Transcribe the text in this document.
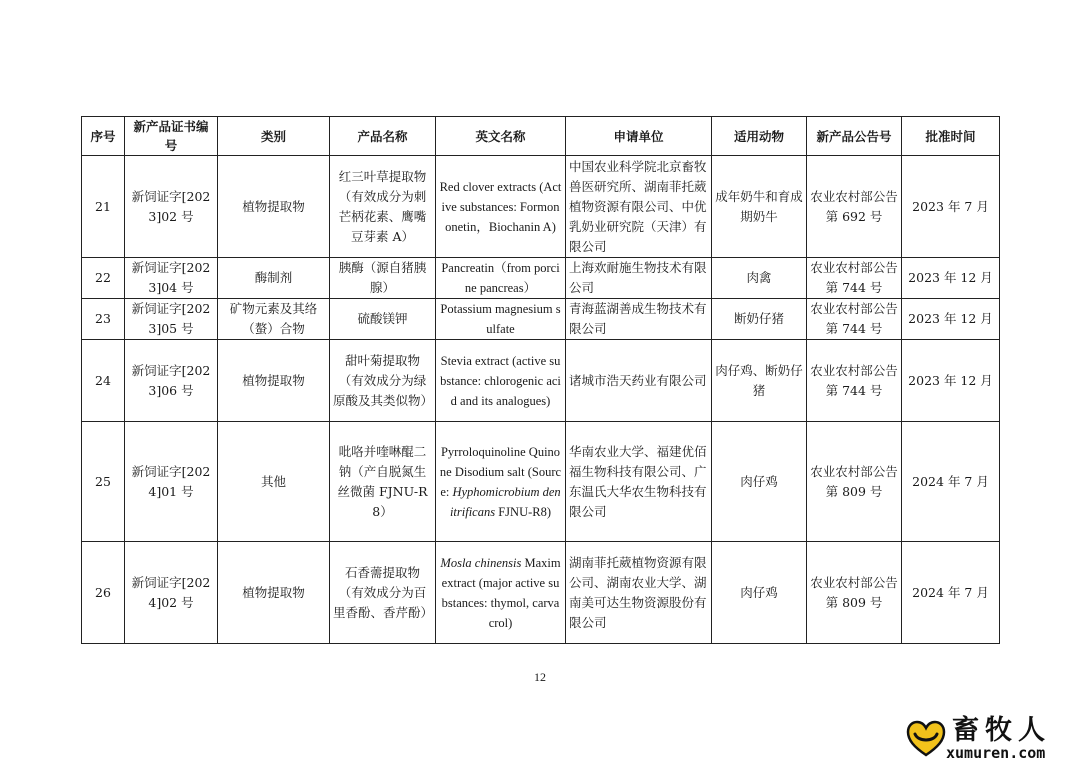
序号	新产品证书编号	类别	产品名称	英文名称	申请单位	适用动物	新产品公告号	批准时间
21	新饲证字[2023]02 号	植物提取物	红三叶草提取物（有效成分为刺芒柄花素、鹰嘴豆芽素 A）	Red clover extracts (Active substances: Formononetin，Biochanin A)	中国农业科学院北京畜牧兽医研究所、湖南菲托葳植物资源有限公司、中优乳奶业研究院（天津）有限公司	成年奶牛和育成期奶牛	农业农村部公告第 692 号	2023 年 7 月
22	新饲证字[2023]04 号	酶制剂	胰酶（源自猪胰腺）	Pancreatin（from porcine pancreas）	上海欢耐施生物技术有限公司	肉禽	农业农村部公告第 744 号	2023 年 12 月
23	新饲证字[2023]05 号	矿物元素及其络（螯）合物	硫酸镁钾	Potassium magnesium sulfate	青海蓝湖善成生物技术有限公司	断奶仔猪	农业农村部公告第 744 号	2023 年 12 月
24	新饲证字[2023]06 号	植物提取物	甜叶菊提取物（有效成分为绿原酸及其类似物）	Stevia extract (active substance: chlorogenic acid and its analogues)	诸城市浩天药业有限公司	肉仔鸡、断奶仔猪	农业农村部公告第 744 号	2023 年 12 月
25	新饲证字[2024]01 号	其他	吡咯并喹啉醌二钠（产自脱氮生丝微菌 FJNU-R8）	Pyrroloquinoline Quinone Disodium salt (Source: Hyphomicrobium denitrificans FJNU-R8)	华南农业大学、福建优佰福生物科技有限公司、广东温氏大华农生物科技有限公司	肉仔鸡	农业农村部公告第 809 号	2024 年 7 月
26	新饲证字[2024]02 号	植物提取物	石香薷提取物（有效成分为百里香酚、香芹酚）	Mosla chinensis Maxim extract (major active substances: thymol, carvacrol)	湖南菲托葳植物资源有限公司、湖南农业大学、湖南美可达生物资源股份有限公司	肉仔鸡	农业农村部公告第 809 号	2024 年 7 月
12
畜牧人
xumuren.com
